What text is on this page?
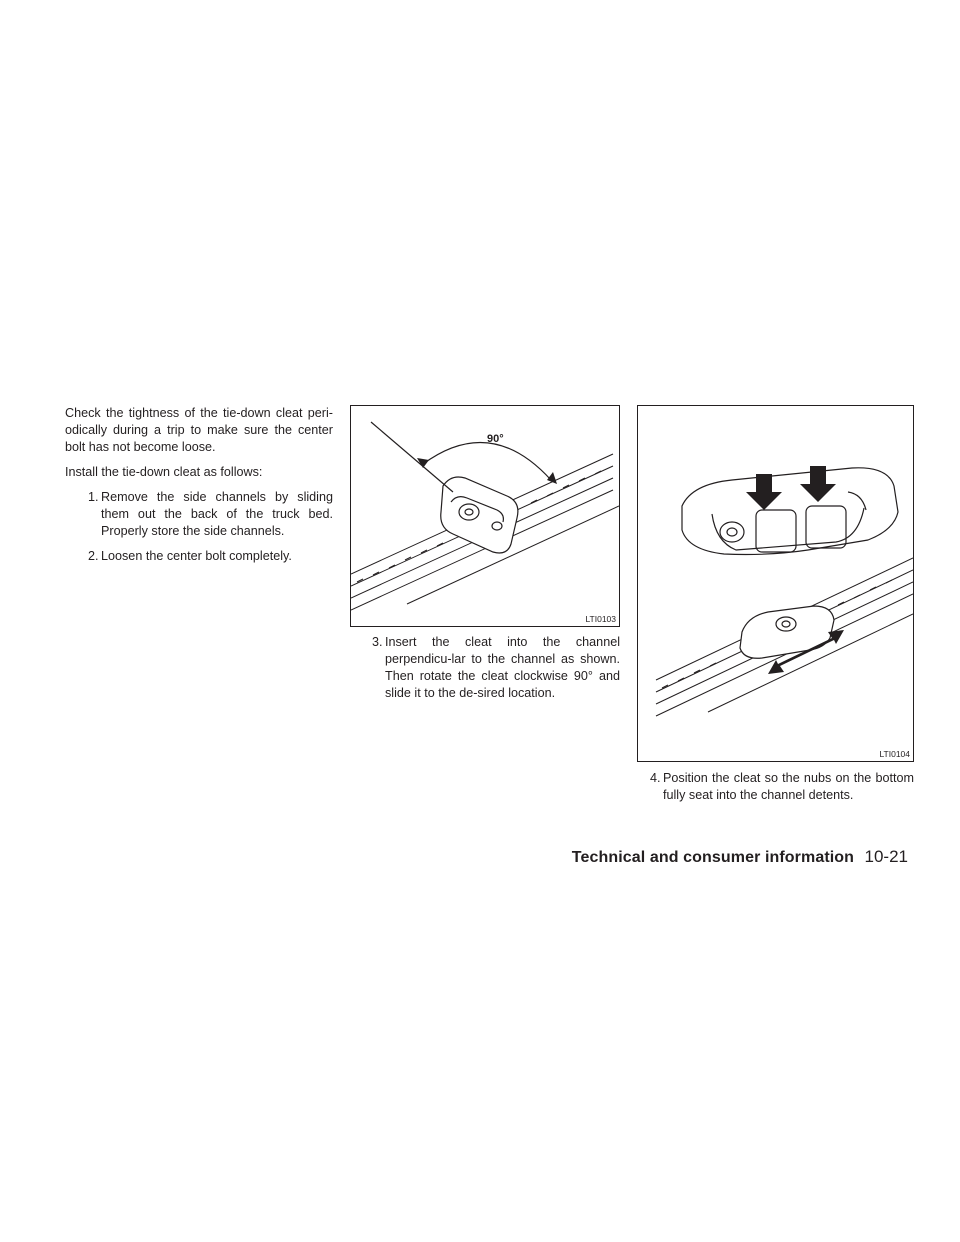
Check the tightness of the tie-down cleat peri-odically during a trip to make sure the center bolt has not become loose.

Install the tie-down cleat as follows:

1. Remove the side channels by sliding them out the back of the truck bed. Properly store the side channels.
2. Loosen the center bolt completely.
90°
LTI0103
3. Insert the cleat into the channel perpendicu-lar to the channel as shown. Then rotate the cleat clockwise 90° and slide it to the de-sired location.
LTI0104
4. Position the cleat so the nubs on the bottom fully seat into the channel detents.
Technical and consumer information 10-21
